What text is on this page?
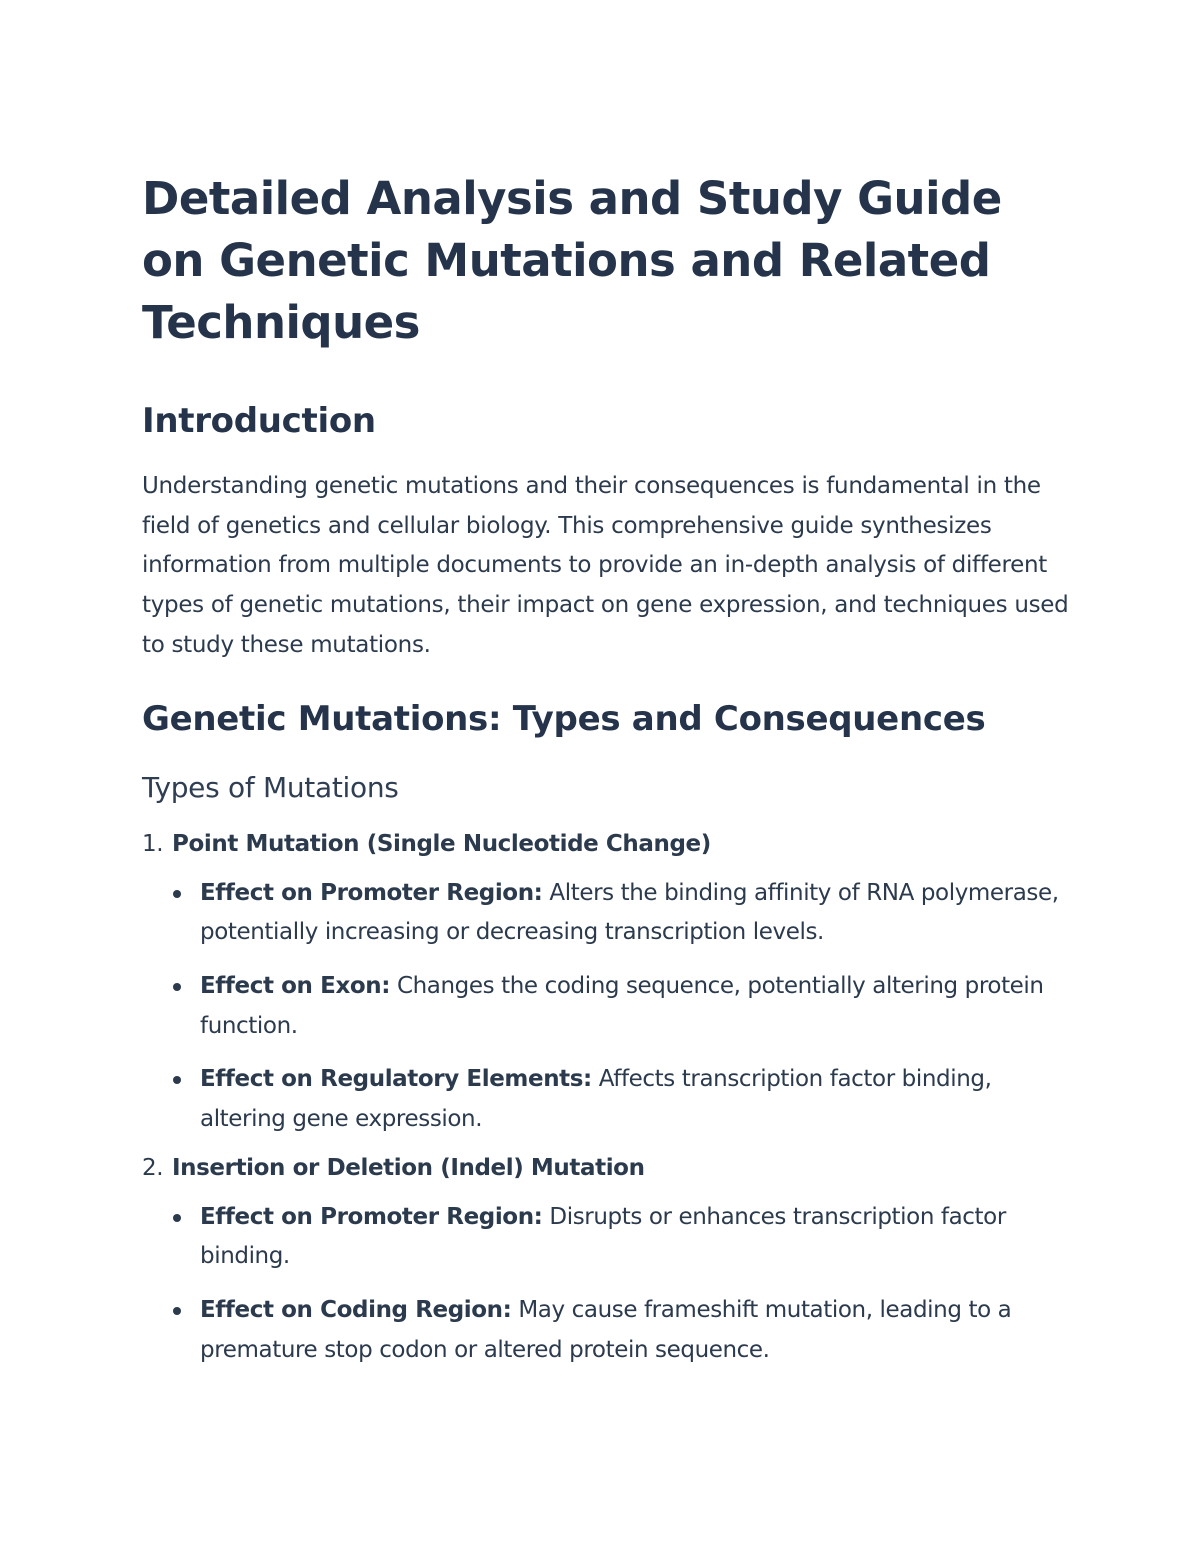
Detailed Analysis and Study Guide on Genetic Mutations and Related Techniques
Introduction

Understanding genetic mutations and their consequences is fundamental in the field of genetics and cellular biology. This comprehensive guide synthesizes information from multiple documents to provide an in-depth analysis of different types of genetic mutations, their impact on gene expression, and techniques used to study these mutations.

Genetic Mutations: Types and Consequences
Types of Mutations
1. Point Mutation (Single Nucleotide Change)
Effect on Promoter Region: Alters the binding affinity of RNA polymerase, potentially increasing or decreasing transcription levels.
Effect on Exon: Changes the coding sequence, potentially altering protein function.
Effect on Regulatory Elements: Affects transcription factor binding, altering gene expression.
2. Insertion or Deletion (Indel) Mutation
Effect on Promoter Region: Disrupts or enhances transcription factor binding.
Effect on Coding Region: May cause frameshift mutation, leading to a premature stop codon or altered protein sequence.
